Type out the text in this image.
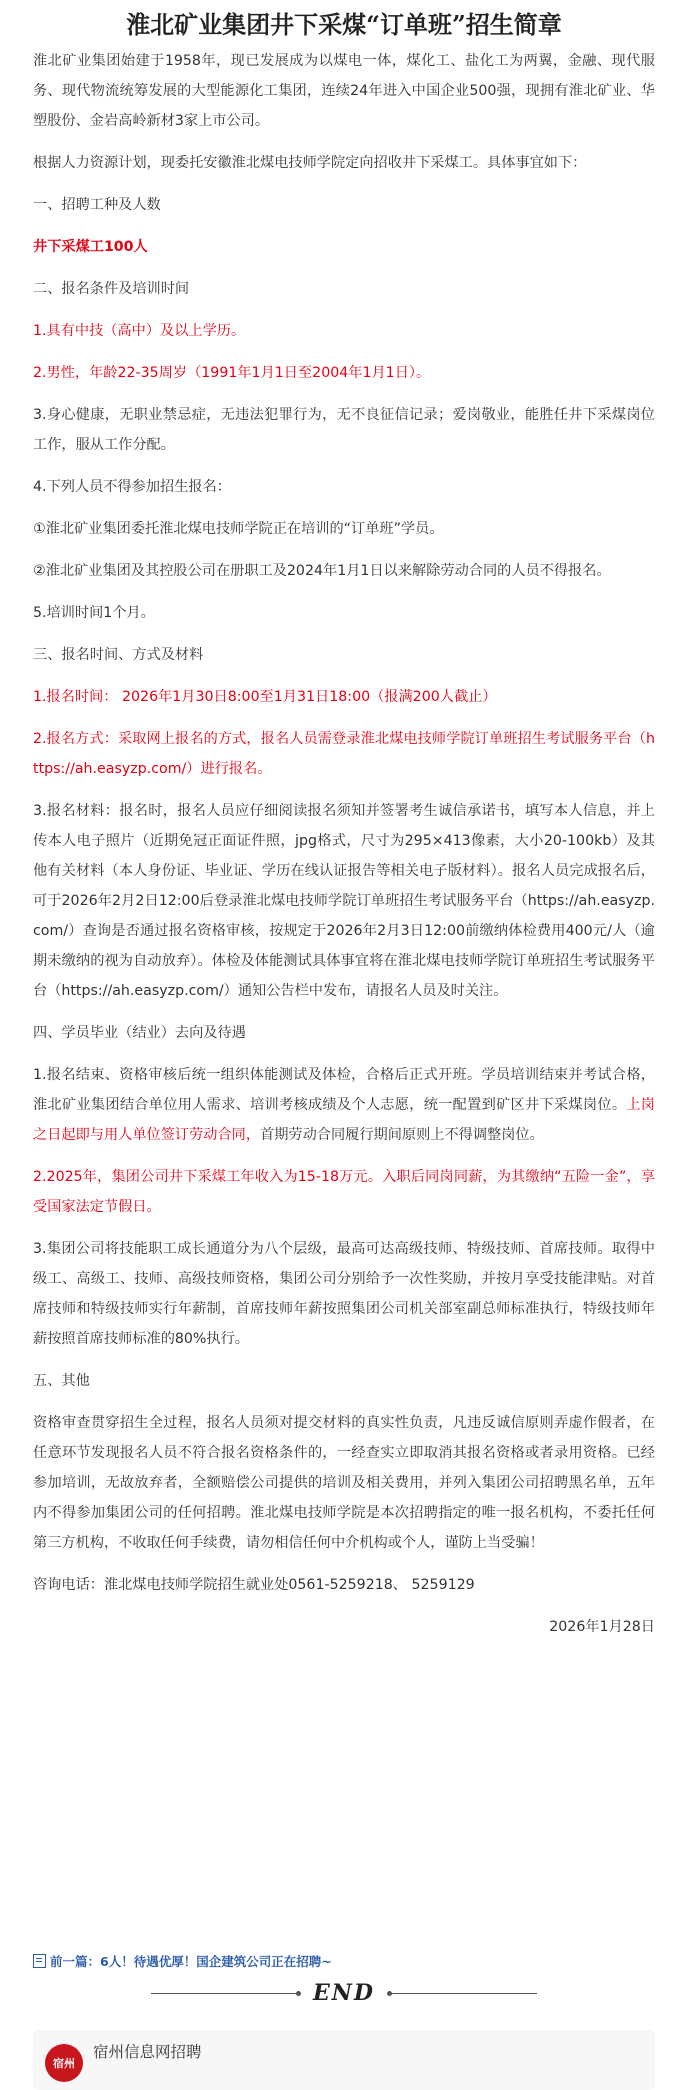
淮北矿业集团井下采煤“订单班”招生简章

淮北矿业集团始建于1958年，现已发展成为以煤电一体，煤化工、盐化工为两翼，金融、现代服务、现代物流统筹发展的大型能源化工集团，连续24年进入中国企业500强，现拥有淮北矿业、华塑股份、金岩高岭新材3家上市公司。

根据人力资源计划，现委托安徽淮北煤电技师学院定向招收井下采煤工。具体事宜如下：

一、招聘工种及人数

井下采煤工100人

二、报名条件及培训时间

1.具有中技（高中）及以上学历。

2.男性，年龄22-35周岁（1991年1月1日至2004年1月1日）。

3.身心健康，无职业禁忌症，无违法犯罪行为，无不良征信记录；爱岗敬业，能胜任井下采煤岗位工作，服从工作分配。

4.下列人员不得参加招生报名：

①淮北矿业集团委托淮北煤电技师学院正在培训的“订单班”学员。

②淮北矿业集团及其控股公司在册职工及2024年1月1日以来解除劳动合同的人员不得报名。

5.培训时间1个月。

三、报名时间、方式及材料

1.报名时间： 2026年1月30日8:00至1月31日18:00（报满200人截止）

2.报名方式：采取网上报名的方式，报名人员需登录淮北煤电技师学院订单班招生考试服务平台（https://ah.easyzp.com/）进行报名。

3.报名材料：报名时，报名人员应仔细阅读报名须知并签署考生诚信承诺书，填写本人信息，并上传本人电子照片（近期免冠正面证件照，jpg格式，尺寸为295×413像素，大小20-100kb）及其他有关材料（本人身份证、毕业证、学历在线认证报告等相关电子版材料）。报名人员完成报名后，可于2026年2月2日12:00后登录淮北煤电技师学院订单班招生考试服务平台（https://ah.easyzp.com/）查询是否通过报名资格审核，按规定于2026年2月3日12:00前缴纳体检费用400元/人（逾期未缴纳的视为自动放弃）。体检及体能测试具体事宜将在淮北煤电技师学院订单班招生考试服务平台（https://ah.easyzp.com/）通知公告栏中发布，请报名人员及时关注。

四、学员毕业（结业）去向及待遇

1.报名结束、资格审核后统一组织体能测试及体检，合格后正式开班。学员培训结束并考试合格，淮北矿业集团结合单位用人需求、培训考核成绩及个人志愿，统一配置到矿区井下采煤岗位。上岗之日起即与用人单位签订劳动合同，首期劳动合同履行期间原则上不得调整岗位。

2.2025年，集团公司井下采煤工年收入为15-18万元。入职后同岗同薪，为其缴纳“五险一金”，享受国家法定节假日。

3.集团公司将技能职工成长通道分为八个层级，最高可达高级技师、特级技师、首席技师。取得中级工、高级工、技师、高级技师资格，集团公司分别给予一次性奖励，并按月享受技能津贴。对首席技师和特级技师实行年薪制，首席技师年薪按照集团公司机关部室副总师标准执行，特级技师年薪按照首席技师标准的80%执行。

五、其他

资格审查贯穿招生全过程，报名人员须对提交材料的真实性负责，凡违反诚信原则弄虚作假者，在任意环节发现报名人员不符合报名资格条件的，一经查实立即取消其报名资格或者录用资格。已经参加培训，无故放弃者，全额赔偿公司提供的培训及相关费用，并列入集团公司招聘黑名单，五年内不得参加集团公司的任何招聘。淮北煤电技师学院是本次招聘指定的唯一报名机构，不委托任何第三方机构，不收取任何手续费，请勿相信任何中介机构或个人，谨防上当受骗！

咨询电话：淮北煤电技师学院招生就业处0561-5259218、 5259129

2026年1月28日

前一篇：6人！待遇优厚！国企建筑公司正在招聘~
END
宿州
宿州信息网招聘
